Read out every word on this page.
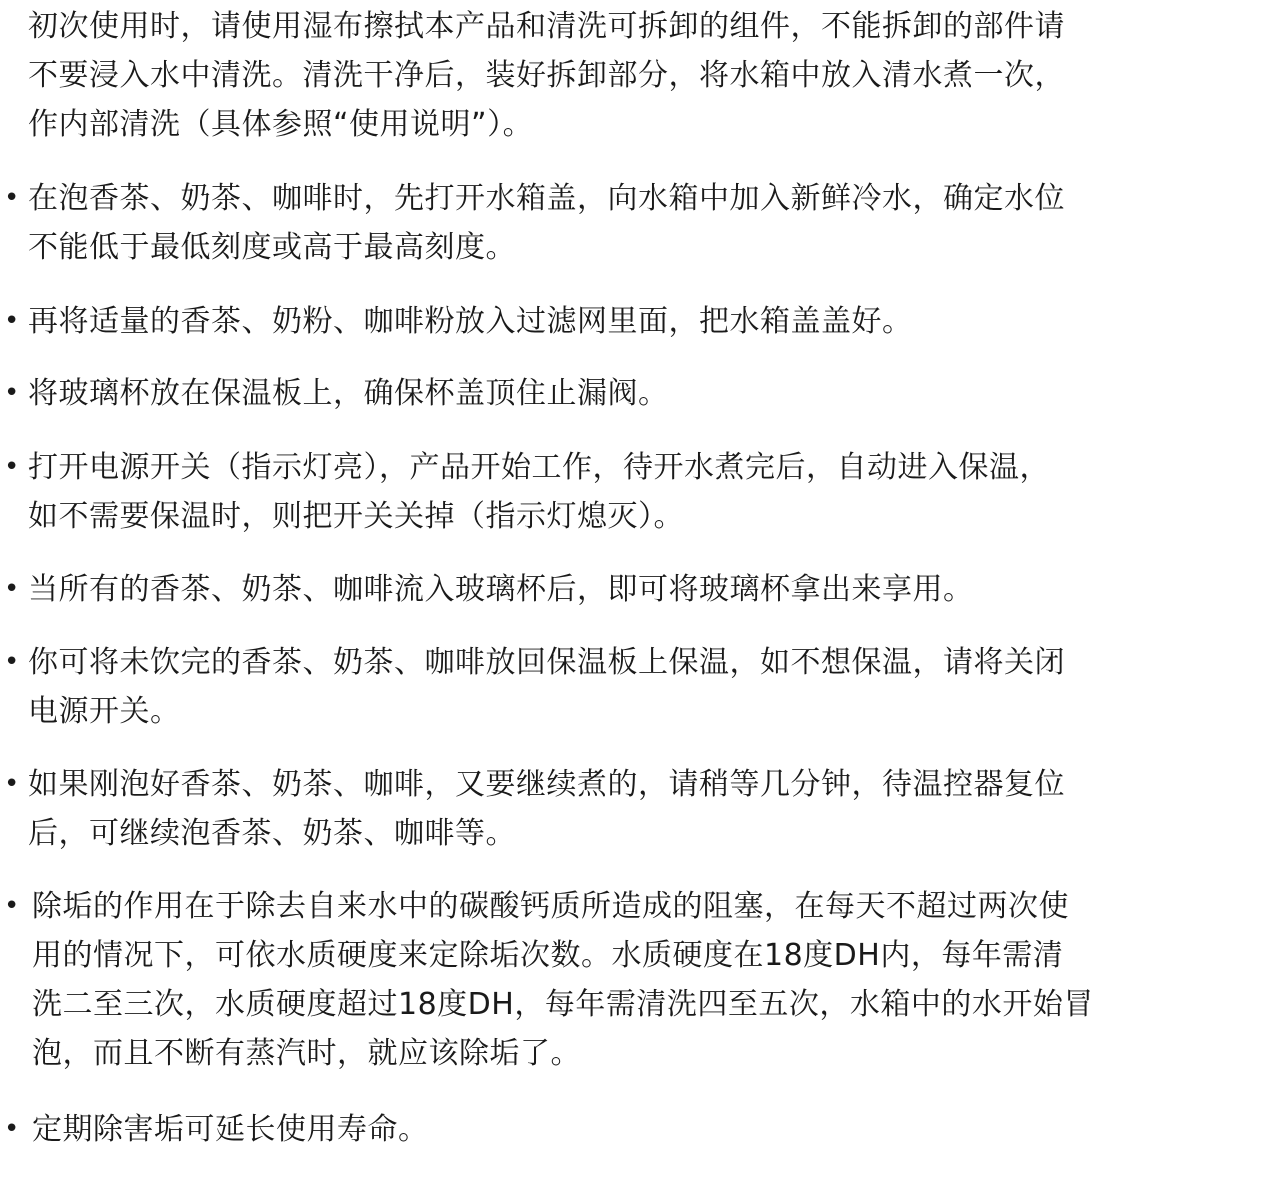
初次使用时，请使用湿布擦拭本产品和清洗可拆卸的组件，不能拆卸的部件请
不要浸入水中清洗。清洗干净后，装好拆卸部分，将水箱中放入清水煮一次，
作内部清洗（具体参照“使用说明”）。
• 在泡香茶、奶茶、咖啡时，先打开水箱盖，向水箱中加入新鲜冷水，确定水位
不能低于最低刻度或高于最高刻度。
• 再将适量的香茶、奶粉、咖啡粉放入过滤网里面，把水箱盖盖好。
• 将玻璃杯放在保温板上，确保杯盖顶住止漏阀。
• 打开电源开关（指示灯亮），产品开始工作，待开水煮完后，自动进入保温，
如不需要保温时，则把开关关掉（指示灯熄灭）。
• 当所有的香茶、奶茶、咖啡流入玻璃杯后，即可将玻璃杯拿出来享用。
• 你可将未饮完的香茶、奶茶、咖啡放回保温板上保温，如不想保温，请将关闭
电源开关。
• 如果刚泡好香茶、奶茶、咖啡，又要继续煮的，请稍等几分钟，待温控器复位
后，可继续泡香茶、奶茶、咖啡等。
• 除垢的作用在于除去自来水中的碳酸钙质所造成的阻塞，在每天不超过两次使
用的情况下，可依水质硬度来定除垢次数。水质硬度在18度DH内，每年需清
洗二至三次，水质硬度超过18度DH，每年需清洗四至五次，水箱中的水开始冒
泡，而且不断有蒸汽时，就应该除垢了。
• 定期除害垢可延长使用寿命。
